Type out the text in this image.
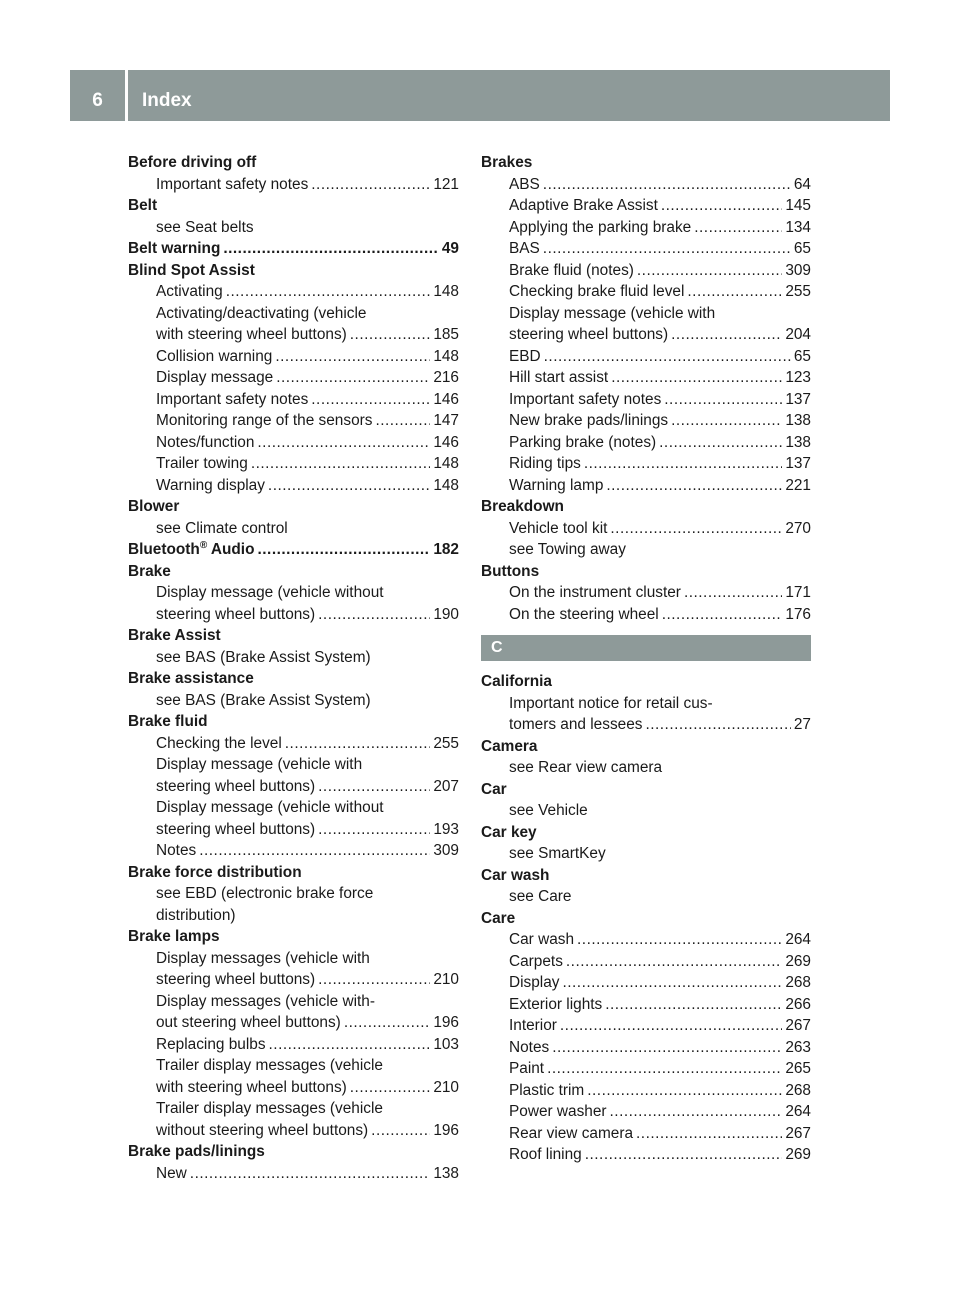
6	Index
Before driving off
Important safety notes .....	121
Belt
see Seat belts
Belt warning .....	49
Blind Spot Assist
Activating .....	148
Activating/deactivating (vehicle
with steering wheel buttons) .....	185
Collision warning .....	148
Display message .....	216
Important safety notes .....	146
Monitoring range of the sensors .....	147
Notes/function .....	146
Trailer towing .....	148
Warning display .....	148
Blower
see Climate control
Bluetooth® Audio .....	182
Brake
Display message (vehicle without
steering wheel buttons) .....	190
Brake Assist
see BAS (Brake Assist System)
Brake assistance
see BAS (Brake Assist System)
Brake fluid
Checking the level .....	255
Display message (vehicle with
steering wheel buttons) .....	207
Display message (vehicle without
steering wheel buttons) .....	193
Notes .....	309
Brake force distribution
see EBD (electronic brake force
distribution)
Brake lamps
Display messages (vehicle with
steering wheel buttons) .....	210
Display messages (vehicle with-
out steering wheel buttons) .....	196
Replacing bulbs .....	103
Trailer display messages (vehicle
with steering wheel buttons) .....	210
Trailer display messages (vehicle
without steering wheel buttons) .....	196
Brake pads/linings
New .....	138
Brakes
ABS .....	64
Adaptive Brake Assist .....	145
Applying the parking brake .....	134
BAS .....	65
Brake fluid (notes) .....	309
Checking brake fluid level .....	255
Display message (vehicle with
steering wheel buttons) .....	204
EBD .....	65
Hill start assist .....	123
Important safety notes .....	137
New brake pads/linings .....	138
Parking brake (notes) .....	138
Riding tips .....	137
Warning lamp .....	221
Breakdown
Vehicle tool kit .....	270
see Towing away
Buttons
On the instrument cluster .....	171
On the steering wheel .....	176
C
California
Important notice for retail cus-
tomers and lessees .....	27
Camera
see Rear view camera
Car
see Vehicle
Car key
see SmartKey
Car wash
see Care
Care
Car wash .....	264
Carpets .....	269
Display .....	268
Exterior lights .....	266
Interior .....	267
Notes .....	263
Paint .....	265
Plastic trim .....	268
Power washer .....	264
Rear view camera .....	267
Roof lining .....	269
